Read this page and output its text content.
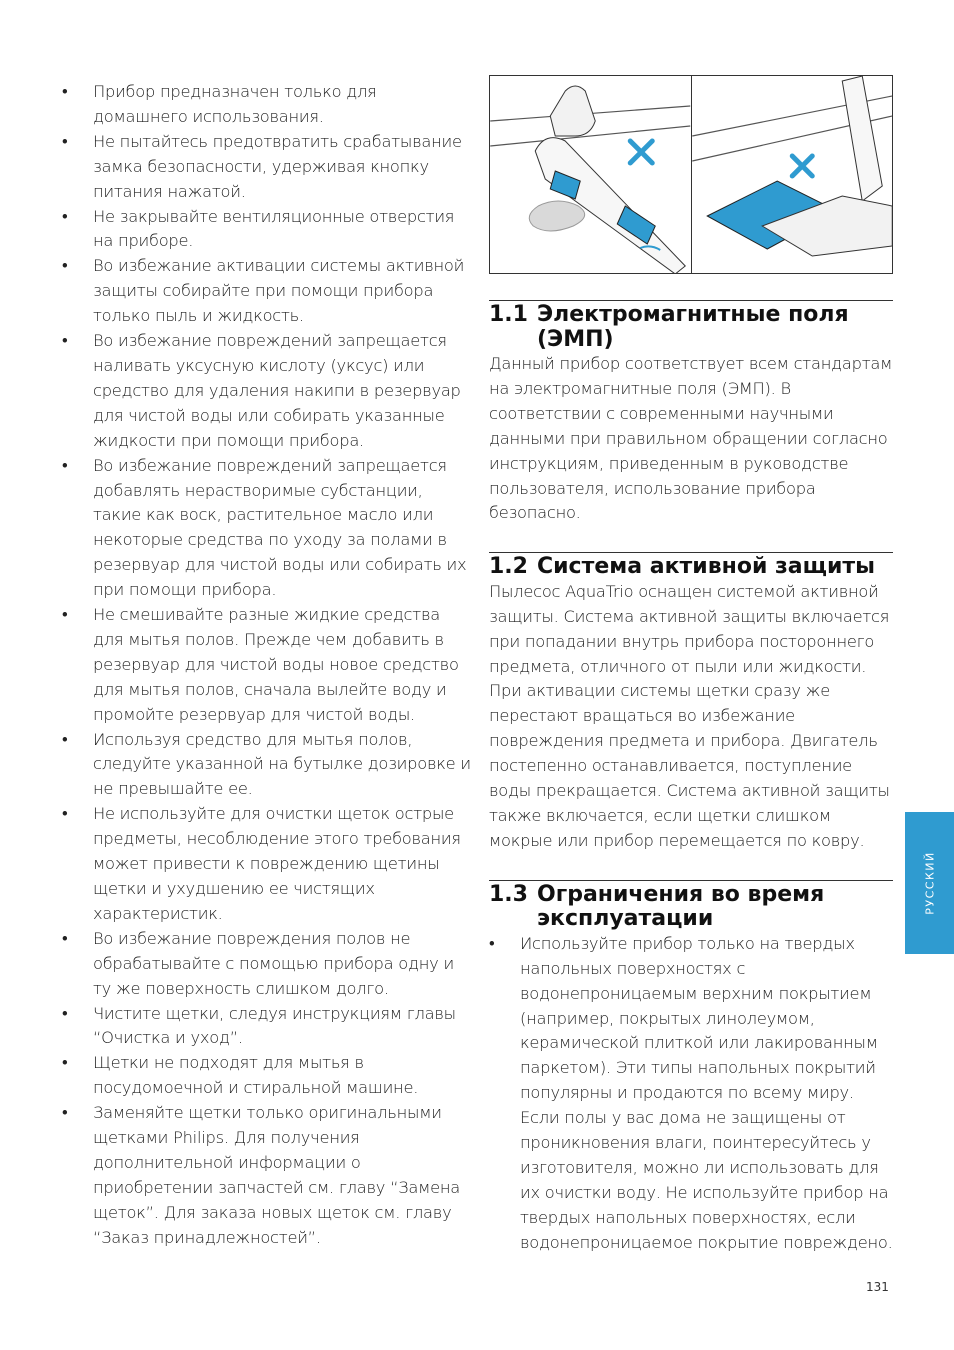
• Прибор предназначен только для домашнего использования.
• Не пытайтесь предотвратить срабатывание замка безопасности, удерживая кнопку питания нажатой.
• Не закрывайте вентиляционные отверстия на приборе.
• Во избежание активации системы активной защиты собирайте при помощи прибора только пыль и жидкость.
• Во избежание повреждений запрещается наливать уксусную кислоту (уксус) или средство для удаления накипи в резервуар для чистой воды или собирать указанные жидкости при помощи прибора.
• Во избежание повреждений запрещается добавлять нерастворимые субстанции, такие как воск, растительное масло или некоторые средства по уходу за полами в резервуар для чистой воды или собирать их при помощи прибора.
• Не смешивайте разные жидкие средства для мытья полов. Прежде чем добавить в резервуар для чистой воды новое средство для мытья полов, сначала вылейте воду и промойте резервуар для чистой воды.
• Используя средство для мытья полов, следуйте указанной на бутылке дозировке и не превышайте ее.
• Не используйте для очистки щеток острые предметы, несоблюдение этого требования может привести к повреждению щетины щетки и ухудшению ее чистящих характеристик.
• Во избежание повреждения полов не обрабатывайте с помощью прибора одну и ту же поверхность слишком долго.
• Чистите щетки, следуя инструкциям главы “Очистка и уход”.
• Щетки не подходят для мытья в посудомоечной и стиральной машине.
• Заменяйте щетки только оригинальными щетками Philips. Для получения дополнительной информации о приобретении запчастей см. главу “Замена щеток”. Для заказа новых щеток см. главу “Заказ принадлежностей”.
1.1 Электромагнитные поля (ЭМП)

Данный прибор соответствует всем стандартам на электромагнитные поля (ЭМП). В соответствии с современными научными данными при правильном обращении согласно инструкциям, приведенным в руководстве пользователя, использование прибора безопасно.

1.2 Система активной защиты

Пылесос AquaTrio оснащен системой активной защиты. Система активной защиты включается при попадании внутрь прибора постороннего предмета, отличного от пыли или жидкости. При активации системы щетки сразу же перестают вращаться во избежание повреждения предмета и прибора. Двигатель постепенно останавливается, поступление воды прекращается. Система активной защиты также включается, если щетки слишком мокрые или прибор перемещается по ковру.

1.3 Ограничения во время эксплуатации
• Используйте прибор только на твердых напольных поверхностях с водонепроницаемым верхним покрытием (например, покрытых линолеумом, керамической плиткой или лакированным паркетом). Эти типы напольных покрытий популярны и продаются по всему миру. Если полы у вас дома не защищены от проникновения влаги, поинтересуйтесь у изготовителя, можно ли использовать для их очистки воду. Не используйте прибор на твердых напольных поверхностях, если водонепроницаемое покрытие повреждено.
РУССКИЙ
131
